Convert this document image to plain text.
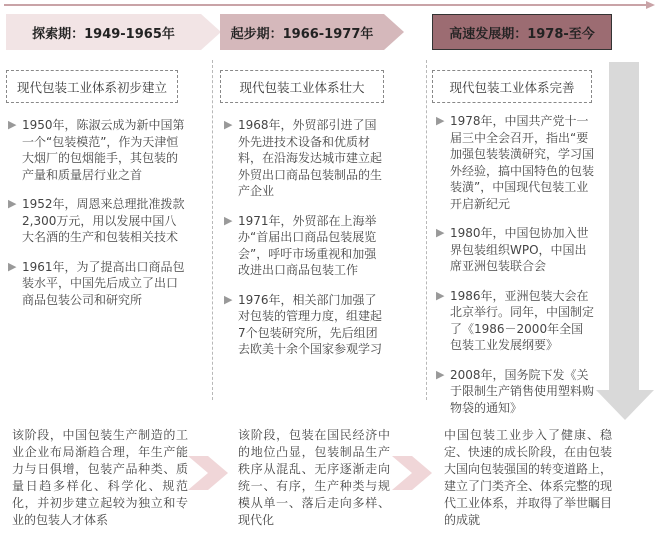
探索期：1949-1965年	起步期：1966-1977年	高速发展期：1978-至今
现代包装工业体系初步建立	现代包装工业体系壮大	现代包装工业体系完善
▶ 1950年，陈淑云成为新中国第一个“包装模范”，作为天津恒大烟厂的包烟能手，其包装的产量和质量居行业之首
▶ 1952年，周恩来总理批准拨款2,300万元，用以发展中国八大名酒的生产和包装相关技术
▶ 1961年，为了提高出口商品包装水平，中国先后成立了出口商品包装公司和研究所
▶ 1968年，外贸部引进了国外先进技术设备和优质材料，在沿海发达城市建立起外贸出口商品包装制品的生产企业
▶ 1971年，外贸部在上海举办“首届出口商品包装展览会”，呼吁市场重视和加强改进出口商品包装工作
▶ 1976年，相关部门加强了对包装的管理力度，组建起7个包装研究所，先后组团去欧美十余个国家参观学习
▶ 1978年，中国共产党十一届三中全会召开，指出“要加强包装装潢研究，学习国外经验，搞中国特色的包装装潢”，中国现代包装工业开启新纪元
▶ 1980年，中国包协加入世界包装组织WPO，中国出席亚洲包装联合会
▶ 1986年，亚洲包装大会在北京举行。同年，中国制定了《1986－2000年全国包装工业发展纲要》
▶ 2008年，国务院下发《关于限制生产销售使用塑料购物袋的通知》
该阶段，中国包装生产制造的工业企业布局渐趋合理，年生产能力与日俱增，包装产品种类、质量日趋多样化、科学化、规范化，并初步建立起较为独立和专业的包装人才体系
该阶段，包装在国民经济中的地位凸显，包装制品生产秩序从混乱、无序逐渐走向统一、有序，生产种类与规模从单一、落后走向多样、现代化
中国包装工业步入了健康、稳定、快速的成长阶段，在由包装大国向包装强国的转变道路上，建立了门类齐全、体系完整的现代工业体系，并取得了举世瞩目的成就
